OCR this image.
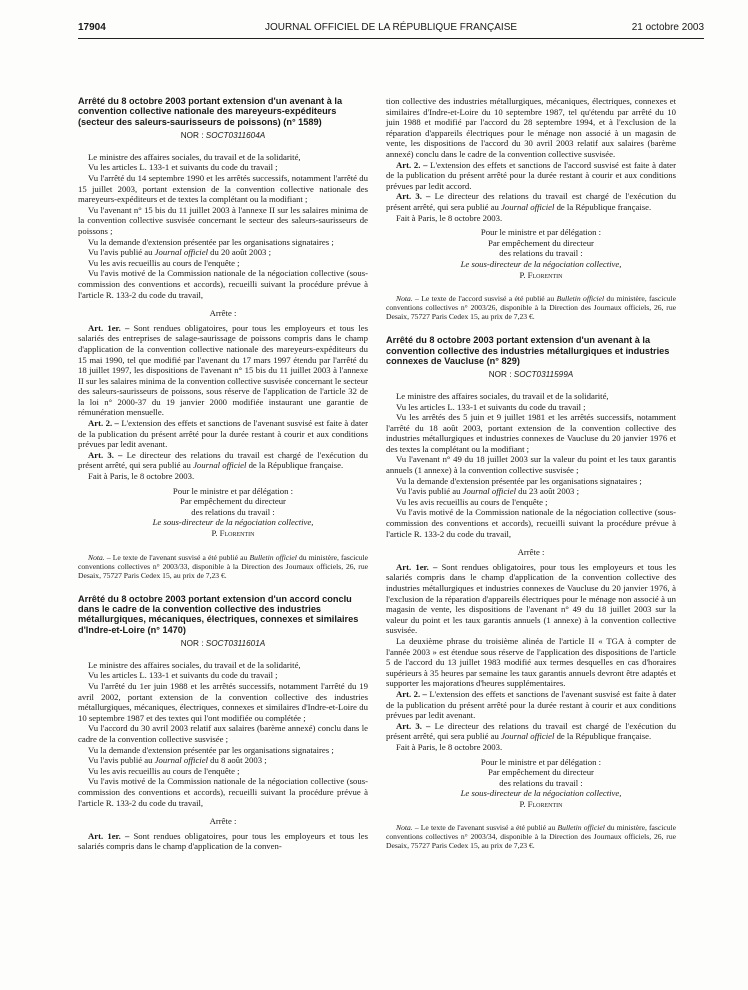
17904	JOURNAL OFFICIEL DE LA RÉPUBLIQUE FRANÇAISE	21 octobre 2003
Arrêté du 8 octobre 2003 portant extension d'un avenant à la convention collective nationale des mareyeurs-expéditeurs (secteur des saleurs-saurisseurs de poissons) (n° 1589)
NOR : SOCT0311604A

Le ministre des affaires sociales, du travail et de la solidarité,

Vu les articles L. 133-1 et suivants du code du travail ;

Vu l'arrêté du 14 septembre 1990 et les arrêtés successifs, notamment l'arrêté du 15 juillet 2003, portant extension de la convention collective nationale des mareyeurs-expéditeurs et de textes la complétant ou la modifiant ;

Vu l'avenant n° 15 bis du 11 juillet 2003 à l'annexe II sur les salaires minima de la convention collective susvisée concernant le secteur des saleurs-saurisseurs de poissons ;

Vu la demande d'extension présentée par les organisations signataires ;

Vu l'avis publié au Journal officiel du 20 août 2003 ;

Vu les avis recueillis au cours de l'enquête ;

Vu l'avis motivé de la Commission nationale de la négociation collective (sous-commission des conventions et accords), recueilli suivant la procédure prévue à l'article R. 133-2 du code du travail,

Arrête :

Art. 1er. – Sont rendues obligatoires, pour tous les employeurs et tous les salariés des entreprises de salage-saurissage de poissons compris dans le champ d'application de la convention collective nationale des mareyeurs-expéditeurs du 15 mai 1990, tel que modifié par l'avenant du 17 mars 1997 étendu par l'arrêté du 18 juillet 1997, les dispositions de l'avenant n° 15 bis du 11 juillet 2003 à l'annexe II sur les salaires minima de la convention collective susvisée concernant le secteur des saleurs-saurisseurs de poissons, sous réserve de l'application de l'article 32 de la loi n° 2000-37 du 19 janvier 2000 modifiée instaurant une garantie de rémunération mensuelle.

Art. 2. – L'extension des effets et sanctions de l'avenant susvisé est faite à dater de la publication du présent arrêté pour la durée restant à courir et aux conditions prévues par ledit avenant.

Art. 3. – Le directeur des relations du travail est chargé de l'exécution du présent arrêté, qui sera publié au Journal officiel de la République française.

Fait à Paris, le 8 octobre 2003.

Pour le ministre et par délégation :
Par empêchement du directeur
des relations du travail :
Le sous-directeur de la négociation collective,
P. Florentin

Nota. – Le texte de l'avenant susvisé a été publié au Bulletin officiel du ministère, fascicule conventions collectives n° 2003/33, disponible à la Direction des Journaux officiels, 26, rue Desaix, 75727 Paris Cedex 15, au prix de 7,23 €.

Arrêté du 8 octobre 2003 portant extension d'un accord conclu dans le cadre de la convention collective des industries métallurgiques, mécaniques, électriques, connexes et similaires d'Indre-et-Loire (n° 1470)
NOR : SOCT0311601A

Le ministre des affaires sociales, du travail et de la solidarité,

Vu les articles L. 133-1 et suivants du code du travail ;

Vu l'arrêté du 1er juin 1988 et les arrêtés successifs, notamment l'arrêté du 19 avril 2002, portant extension de la convention collective des industries métallurgiques, mécaniques, électriques, connexes et similaires d'Indre-et-Loire du 10 septembre 1987 et des textes qui l'ont modifiée ou complétée ;

Vu l'accord du 30 avril 2003 relatif aux salaires (barème annexé) conclu dans le cadre de la convention collective susvisée ;

Vu la demande d'extension présentée par les organisations signataires ;

Vu l'avis publié au Journal officiel du 8 août 2003 ;

Vu les avis recueillis au cours de l'enquête ;

Vu l'avis motivé de la Commission nationale de la négociation collective (sous-commission des conventions et accords), recueilli suivant la procédure prévue à l'article R. 133-2 du code du travail,

Arrête :

Art. 1er. – Sont rendues obligatoires, pour tous les employeurs et tous les salariés compris dans le champ d'application de la conven-

tion collective des industries métallurgiques, mécaniques, électriques, connexes et similaires d'Indre-et-Loire du 10 septembre 1987, tel qu'étendu par arrêté du 10 juin 1988 et modifié par l'accord du 28 septembre 1994, et à l'exclusion de la réparation d'appareils électriques pour le ménage non associé à un magasin de vente, les dispositions de l'accord du 30 avril 2003 relatif aux salaires (barème annexé) conclu dans le cadre de la convention collective susvisée.

Art. 2. – L'extension des effets et sanctions de l'accord susvisé est faite à dater de la publication du présent arrêté pour la durée restant à courir et aux conditions prévues par ledit accord.

Art. 3. – Le directeur des relations du travail est chargé de l'exécution du présent arrêté, qui sera publié au Journal officiel de la République française.

Fait à Paris, le 8 octobre 2003.

Pour le ministre et par délégation :
Par empêchement du directeur
des relations du travail :
Le sous-directeur de la négociation collective,
P. Florentin

Nota. – Le texte de l'accord susvisé a été publié au Bulletin officiel du ministère, fascicule conventions collectives n° 2003/26, disponible à la Direction des Journaux officiels, 26, rue Desaix, 75727 Paris Cedex 15, au prix de 7,23 €.

Arrêté du 8 octobre 2003 portant extension d'un avenant à la convention collective des industries métallurgiques et industries connexes de Vaucluse (n° 829)
NOR : SOCT0311599A

Le ministre des affaires sociales, du travail et de la solidarité,

Vu les articles L. 133-1 et suivants du code du travail ;

Vu les arrêtés des 5 juin et 9 juillet 1981 et les arrêtés successifs, notamment l'arrêté du 18 août 2003, portant extension de la convention collective des industries métallurgiques et industries connexes de Vaucluse du 20 janvier 1976 et des textes la complétant ou la modifiant ;

Vu l'avenant n° 49 du 18 juillet 2003 sur la valeur du point et les taux garantis annuels (1 annexe) à la convention collective susvisée ;

Vu la demande d'extension présentée par les organisations signataires ;

Vu l'avis publié au Journal officiel du 23 août 2003 ;

Vu les avis recueillis au cours de l'enquête ;

Vu l'avis motivé de la Commission nationale de la négociation collective (sous-commission des conventions et accords), recueilli suivant la procédure prévue à l'article R. 133-2 du code du travail,

Arrête :

Art. 1er. – Sont rendues obligatoires, pour tous les employeurs et tous les salariés compris dans le champ d'application de la convention collective des industries métallurgiques et industries connexes de Vaucluse du 20 janvier 1976, à l'exclusion de la réparation d'appareils électriques pour le ménage non associé à un magasin de vente, les dispositions de l'avenant n° 49 du 18 juillet 2003 sur la valeur du point et les taux garantis annuels (1 annexe) à la convention collective susvisée.

La deuxième phrase du troisième alinéa de l'article II « TGA à compter de l'année 2003 » est étendue sous réserve de l'application des dispositions de l'article 5 de l'accord du 13 juillet 1983 modifié aux termes desquelles en cas d'horaires supérieurs à 35 heures par semaine les taux garantis annuels devront être adaptés et supporter les majorations d'heures supplémentaires.

Art. 2. – L'extension des effets et sanctions de l'avenant susvisé est faite à dater de la publication du présent arrêté pour la durée restant à courir et aux conditions prévues par ledit avenant.

Art. 3. – Le directeur des relations du travail est chargé de l'exécution du présent arrêté, qui sera publié au Journal officiel de la République française.

Fait à Paris, le 8 octobre 2003.

Pour le ministre et par délégation :
Par empêchement du directeur
des relations du travail :
Le sous-directeur de la négociation collective,
P. Florentin

Nota. – Le texte de l'avenant susvisé a été publié au Bulletin officiel du ministère, fascicule conventions collectives n° 2003/34, disponible à la Direction des Journaux officiels, 26, rue Desaix, 75727 Paris Cedex 15, au prix de 7,23 €.
